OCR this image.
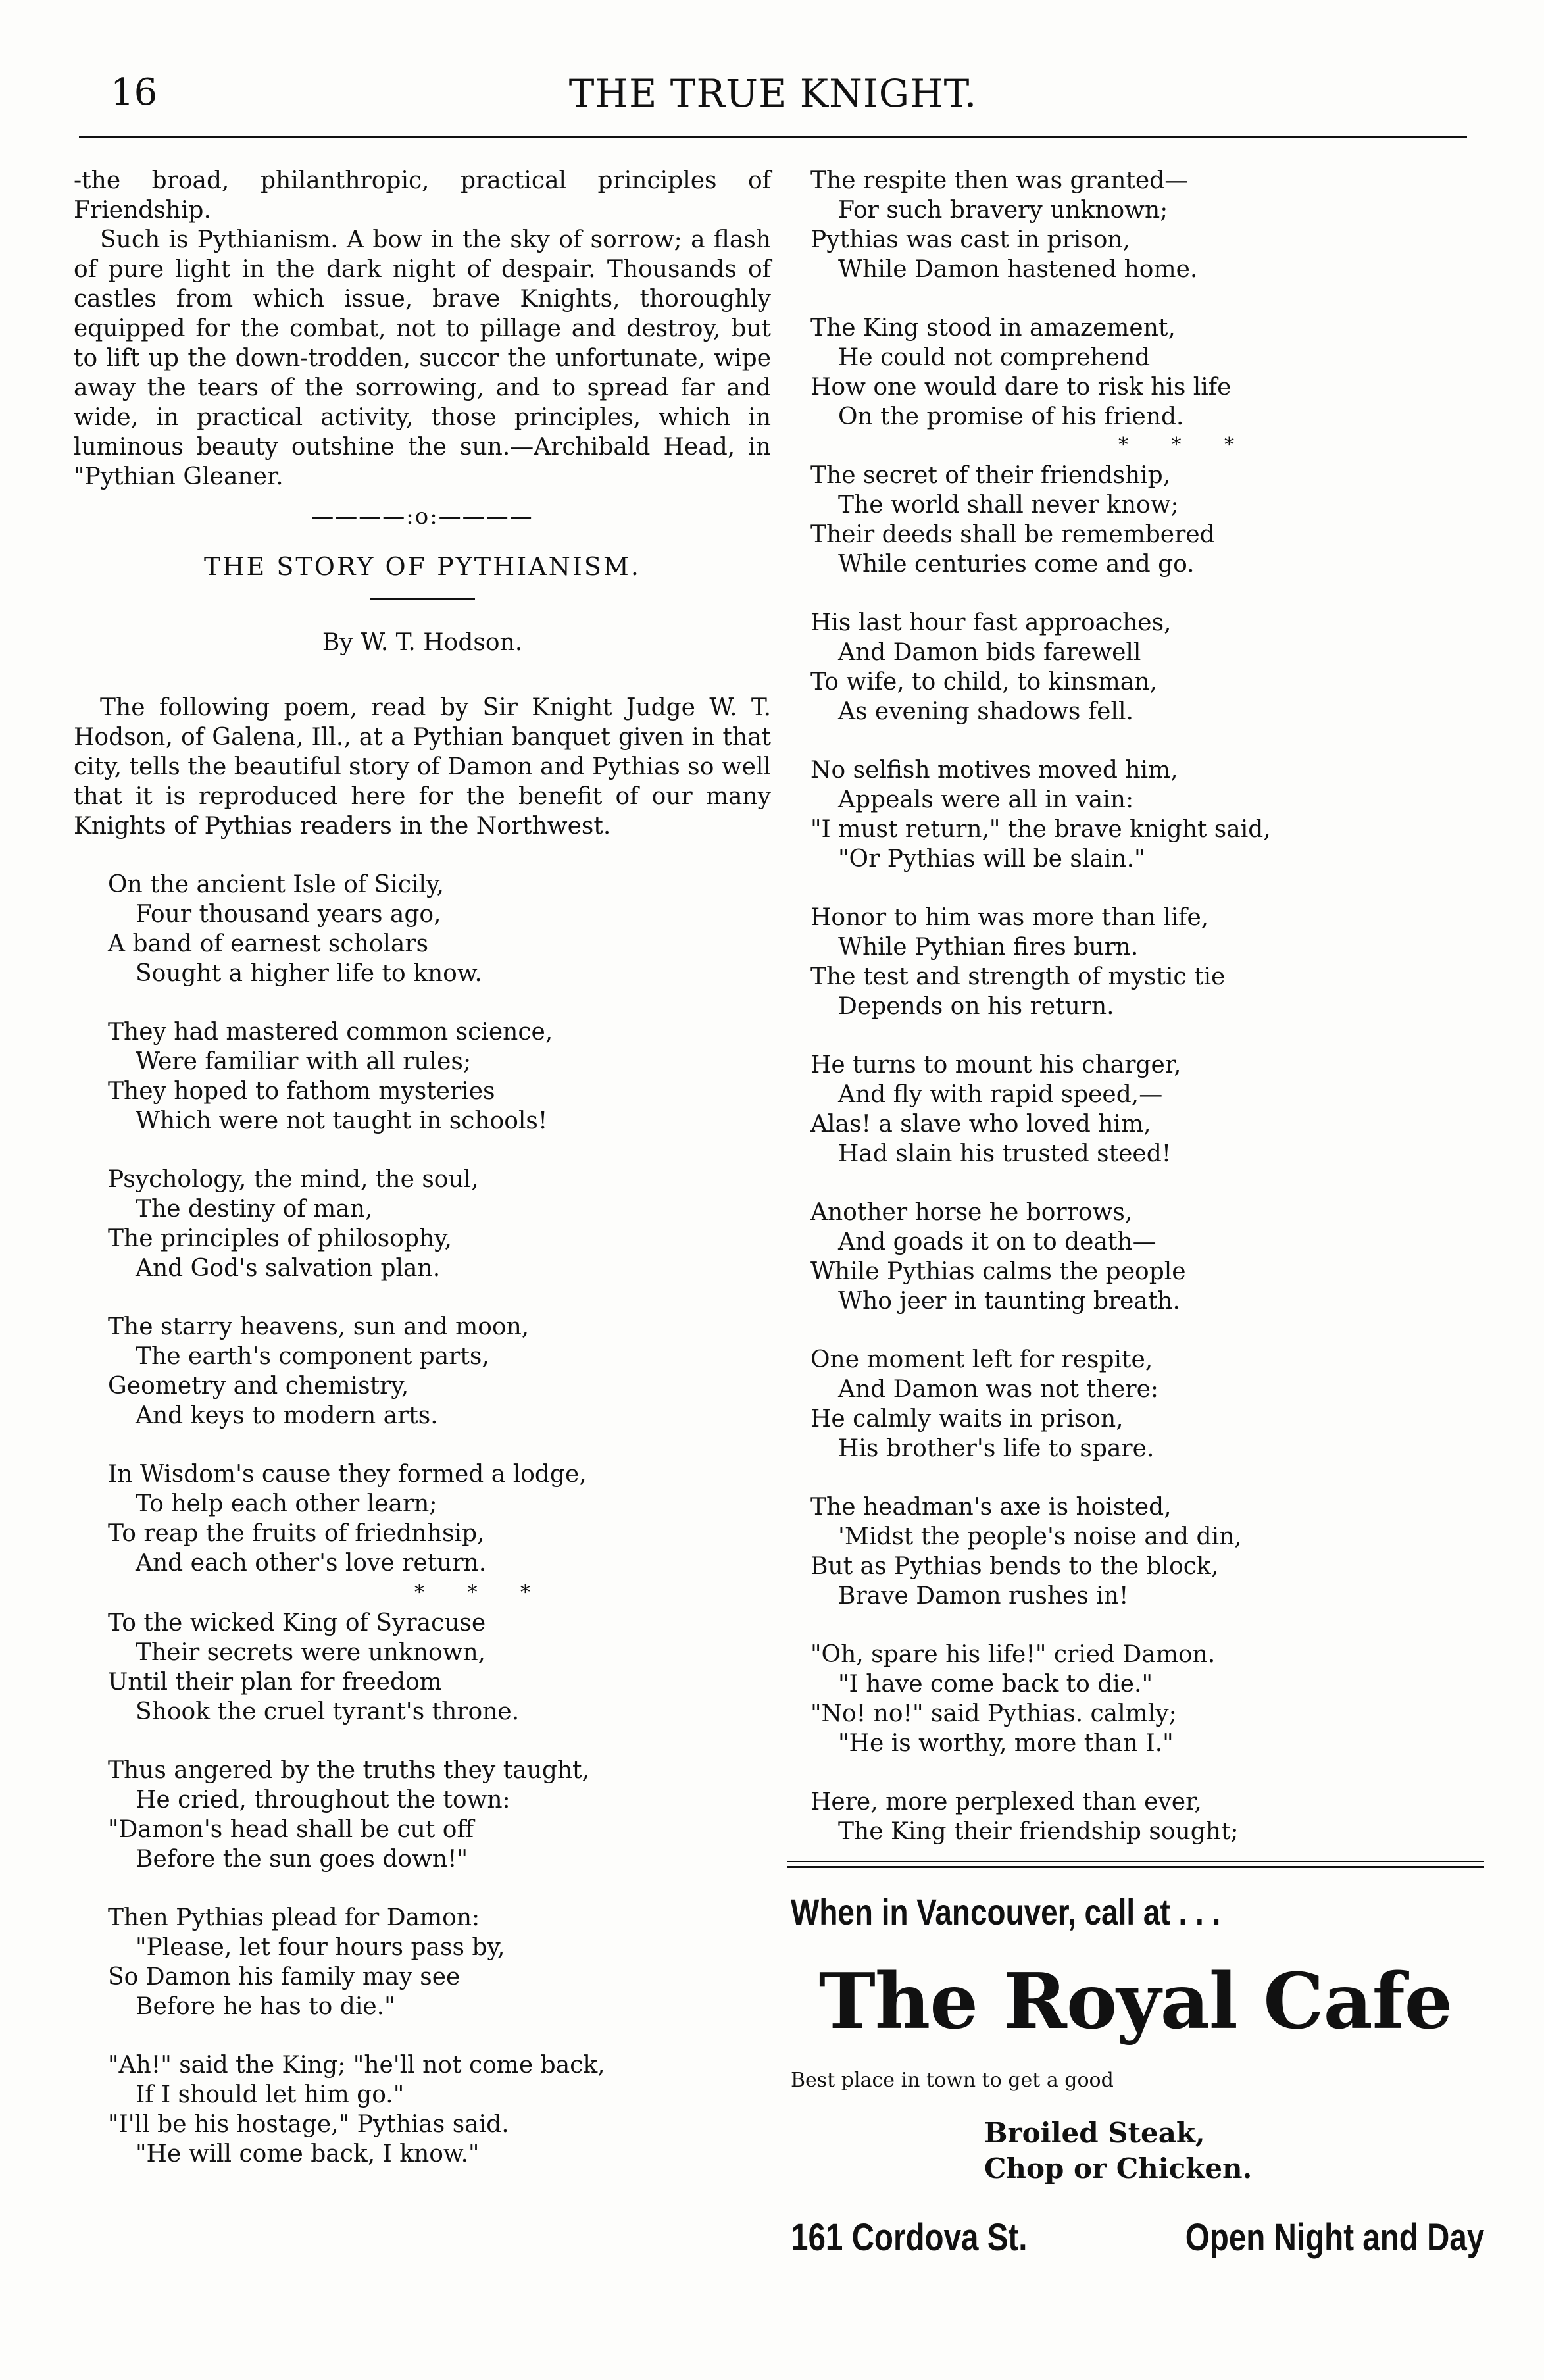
16	THE TRUE KNIGHT.

-the broad, philanthropic, practical principles of Friendship.

Such is Pythianism. A bow in the sky of sorrow; a flash of pure light in the dark night of despair. Thousands of castles from which issue, brave Knights, thoroughly equipped for the combat, not to pillage and destroy, but to lift up the down-trodden, succor the unfortunate, wipe away the tears of the sorrowing, and to spread far and wide, in practical activity, those principles, which in luminous beauty outshine the sun.—Archibald Head, in "Pythian Gleaner.

————:o:————

THE STORY OF PYTHIANISM.

By W. T. Hodson.

The following poem, read by Sir Knight Judge W. T. Hodson, of Galena, Ill., at a Pythian banquet given in that city, tells the beautiful story of Damon and Pythias so well that it is reproduced here for the benefit of our many Knights of Pythias readers in the Northwest.

On the ancient Isle of Sicily,
Four thousand years ago,
A band of earnest scholars
Sought a higher life to know.
They had mastered common science,
Were familiar with all rules;
They hoped to fathom mysteries
Which were not taught in schools!
Psychology, the mind, the soul,
The destiny of man,
The principles of philosophy,
And God's salvation plan.
The starry heavens, sun and moon,
The earth's component parts,
Geometry and chemistry,
And keys to modern arts.
In Wisdom's cause they formed a lodge,
To help each other learn;
To reap the fruits of friednhsip,
And each other's love return.

* * *

To the wicked King of Syracuse
Their secrets were unknown,
Until their plan for freedom
Shook the cruel tyrant's throne.
Thus angered by the truths they taught,
He cried, throughout the town:
"Damon's head shall be cut off
Before the sun goes down!"
Then Pythias plead for Damon:
"Please, let four hours pass by,
So Damon his family may see
Before he has to die."
"Ah!" said the King; "he'll not come back,
If I should let him go."
"I'll be his hostage," Pythias said.
"He will come back, I know."
The respite then was granted—
For such bravery unknown;
Pythias was cast in prison,
While Damon hastened home.
The King stood in amazement,
He could not comprehend
How one would dare to risk his life
On the promise of his friend.

* * *

The secret of their friendship,
The world shall never know;
Their deeds shall be remembered
While centuries come and go.
His last hour fast approaches,
And Damon bids farewell
To wife, to child, to kinsman,
As evening shadows fell.
No selfish motives moved him,
Appeals were all in vain:
"I must return," the brave knight said,
"Or Pythias will be slain."
Honor to him was more than life,
While Pythian fires burn.
The test and strength of mystic tie
Depends on his return.
He turns to mount his charger,
And fly with rapid speed,—
Alas! a slave who loved him,
Had slain his trusted steed!
Another horse he borrows,
And goads it on to death—
While Pythias calms the people
Who jeer in taunting breath.
One moment left for respite,
And Damon was not there:
He calmly waits in prison,
His brother's life to spare.
The headman's axe is hoisted,
'Midst the people's noise and din,
But as Pythias bends to the block,
Brave Damon rushes in!
"Oh, spare his life!" cried Damon.
"I have come back to die."
"No! no!" said Pythias. calmly;
"He is worthy, more than I."
Here, more perplexed than ever,
The King their friendship sought;
When in Vancouver, call at . . .
The Royal Cafe
Best place in town to get a good
Broiled Steak,
Chop or Chicken.
161 Cordova St.	Open Night and Day
